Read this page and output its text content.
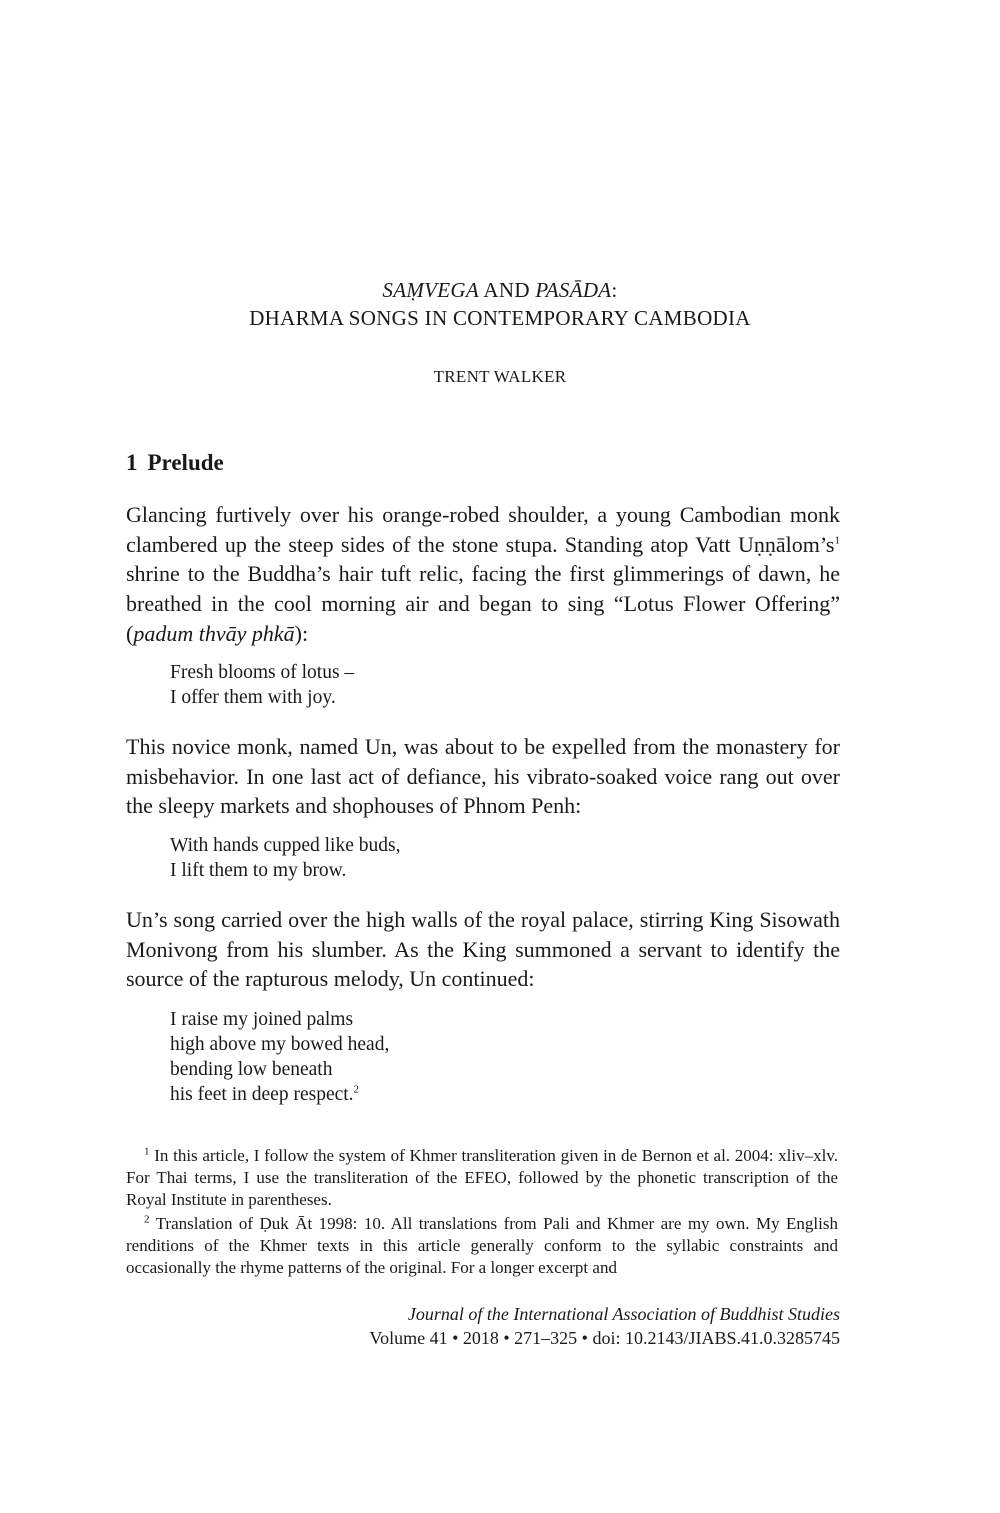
SAṂVEGA AND PASĀDA:
DHARMA SONGS IN CONTEMPORARY CAMBODIA
TRENT WALKER
1 Prelude
Glancing furtively over his orange-robed shoulder, a young Cambodian monk clambered up the steep sides of the stone stupa. Standing atop Vatt $Uṇṇālom’s^1$ shrine to the Buddha’s hair tuft relic, facing the first glimmerings of dawn, he breathed in the cool morning air and began to sing “Lotus Flower Offering” (padum thvāy phkā):
Fresh blooms of lotus –
I offer them with joy.
This novice monk, named Un, was about to be expelled from the monastery for misbehavior. In one last act of defiance, his vibrato-soaked voice rang out over the sleepy markets and shophouses of Phnom Penh:
With hands cupped like buds,
I lift them to my brow.
Un’s song carried over the high walls of the royal palace, stirring King Sisowath Monivong from his slumber. As the King summoned a servant to identify the source of the rapturous melody, Un continued:
I raise my joined palms
high above my bowed head,
bending low beneath
his feet in deep respect.$^2$
$^1$ In this article, I follow the system of Khmer transliteration given in de Bernon et al. 2004: xliv–xlv. For Thai terms, I use the transliteration of the EFEO, followed by the phonetic transcription of the Royal Institute in parentheses.
$^2$ Translation of Ḍuk Āt 1998: 10. All translations from Pali and Khmer are my own. My English renditions of the Khmer texts in this article generally conform to the syllabic constraints and occasionally the rhyme patterns of the original. For a longer excerpt and
Journal of the International Association of Buddhist Studies
Volume 41 • 2018 • 271–325 • doi: 10.2143/JIABS.41.0.3285745
